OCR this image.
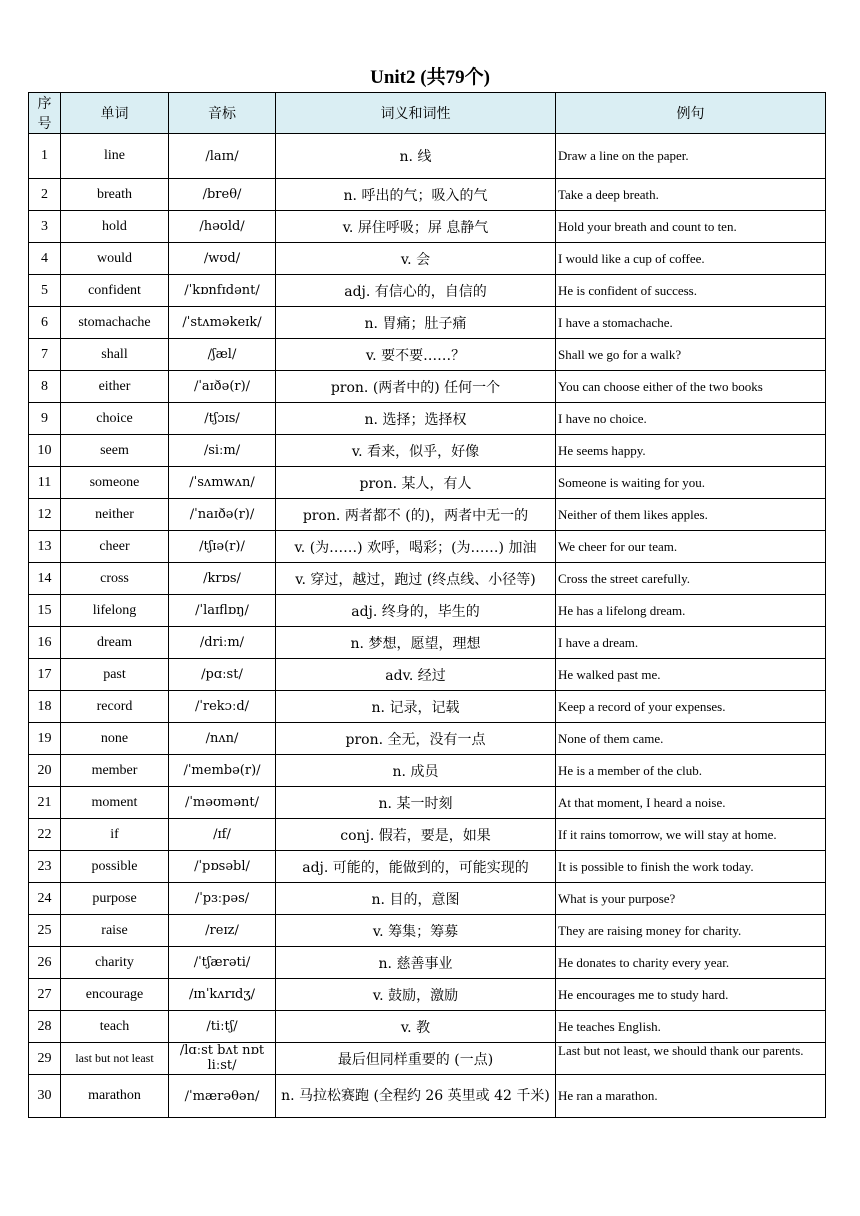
Unit2 (共79个)
序号	单词	音标	词义和词性	例句
1	line	/laɪn/	n. 线	Draw a line on the paper.
2	breath	/breθ/	n. 呼出的气；吸入的气	Take a deep breath.
3	hold	/həʊld/	v. 屏住呼吸；屏 息静气	Hold your breath and count to ten.
4	would	/wʊd/	v. 会	I would like a cup of coffee.
5	confident	/ˈkɒnfɪdənt/	adj. 有信心的，自信的	He is confident of success.
6	stomachache	/ˈstʌməkeɪk/	n. 胃痛；肚子痛	I have a stomachache.
7	shall	/ʃæl/	v. 要不要……？	Shall we go for a walk?
8	either	/ˈaɪðə(r)/	pron. (两者中的) 任何一个	You can choose either of the two books
9	choice	/tʃɔɪs/	n. 选择；选择权	I have no choice.
10	seem	/siːm/	v. 看来，似乎，好像	He seems happy.
11	someone	/ˈsʌmwʌn/	pron. 某人，有人	Someone is waiting for you.
12	neither	/ˈnaɪðə(r)/	pron. 两者都不 (的)，两者中无一的	Neither of them likes apples.
13	cheer	/tʃɪə(r)/	v. (为……) 欢呼，喝彩；(为……) 加油	We cheer for our team.
14	cross	/krɒs/	v. 穿过，越过，跑过 (终点线、小径等)	Cross the street carefully.
15	lifelong	/ˈlaɪflɒŋ/	adj. 终身的，毕生的	He has a lifelong dream.
16	dream	/driːm/	n. 梦想，愿望，理想	I have a dream.
17	past	/pɑːst/	adv. 经过	He walked past me.
18	record	/ˈrekɔːd/	n. 记录，记载	Keep a record of your expenses.
19	none	/nʌn/	pron. 全无，没有一点	None of them came.
20	member	/ˈmembə(r)/	n. 成员	He is a member of the club.
21	moment	/ˈməʊmənt/	n. 某一时刻	At that moment, I heard a noise.
22	if	/ɪf/	conj. 假若，要是，如果	If it rains tomorrow, we will stay at home.
23	possible	/ˈpɒsəbl/	adj. 可能的，能做到的，可能实现的	It is possible to finish the work today.
24	purpose	/ˈpɜːpəs/	n. 目的，意图	What is your purpose?
25	raise	/reɪz/	v. 筹集；筹募	They are raising money for charity.
26	charity	/ˈtʃærəti/	n. 慈善事业	He donates to charity every year.
27	encourage	/ɪnˈkʌrɪdʒ/	v. 鼓励，激励	He encourages me to study hard.
28	teach	/tiːtʃ/	v. 教	He teaches English.
29	last but not least	/lɑːst bʌt nɒt liːst/	最后但同样重要的 (一点)	Last but not least, we should thank our parents.
30	marathon	/ˈmærəθən/	n. 马拉松赛跑 (全程约 26 英里或 42 千米)	He ran a marathon.
